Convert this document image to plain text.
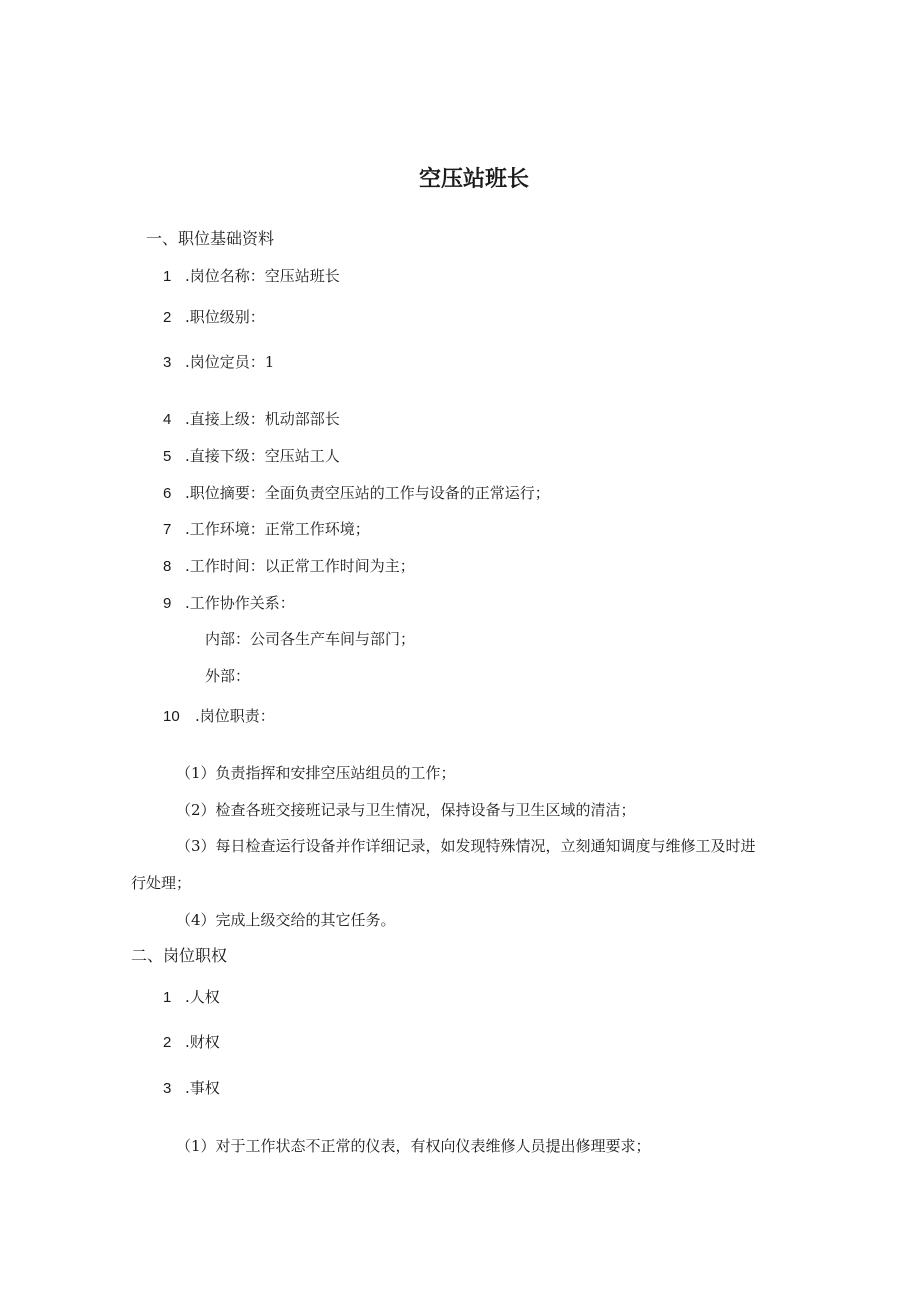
空压站班长
一、职位基础资料
1 .岗位名称：空压站班长
2 .职位级别：
3 .岗位定员：1
4 .直接上级：机动部部长
5 .直接下级：空压站工人
6 .职位摘要：全面负责空压站的工作与设备的正常运行；
7 .工作环境：正常工作环境；
8 .工作时间：以正常工作时间为主；
9 .工作协作关系：
内部：公司各生产车间与部门；
外部：
10 .岗位职责：
（1）负责指挥和安排空压站组员的工作；
（2）检查各班交接班记录与卫生情况，保持设备与卫生区域的清洁；
（3）每日检查运行设备并作详细记录，如发现特殊情况，立刻通知调度与维修工及时进
行处理；
（4）完成上级交给的其它任务。
二、岗位职权
1 .人权
2 .财权
3 .事权
（1）对于工作状态不正常的仪表，有权向仪表维修人员提出修理要求；
